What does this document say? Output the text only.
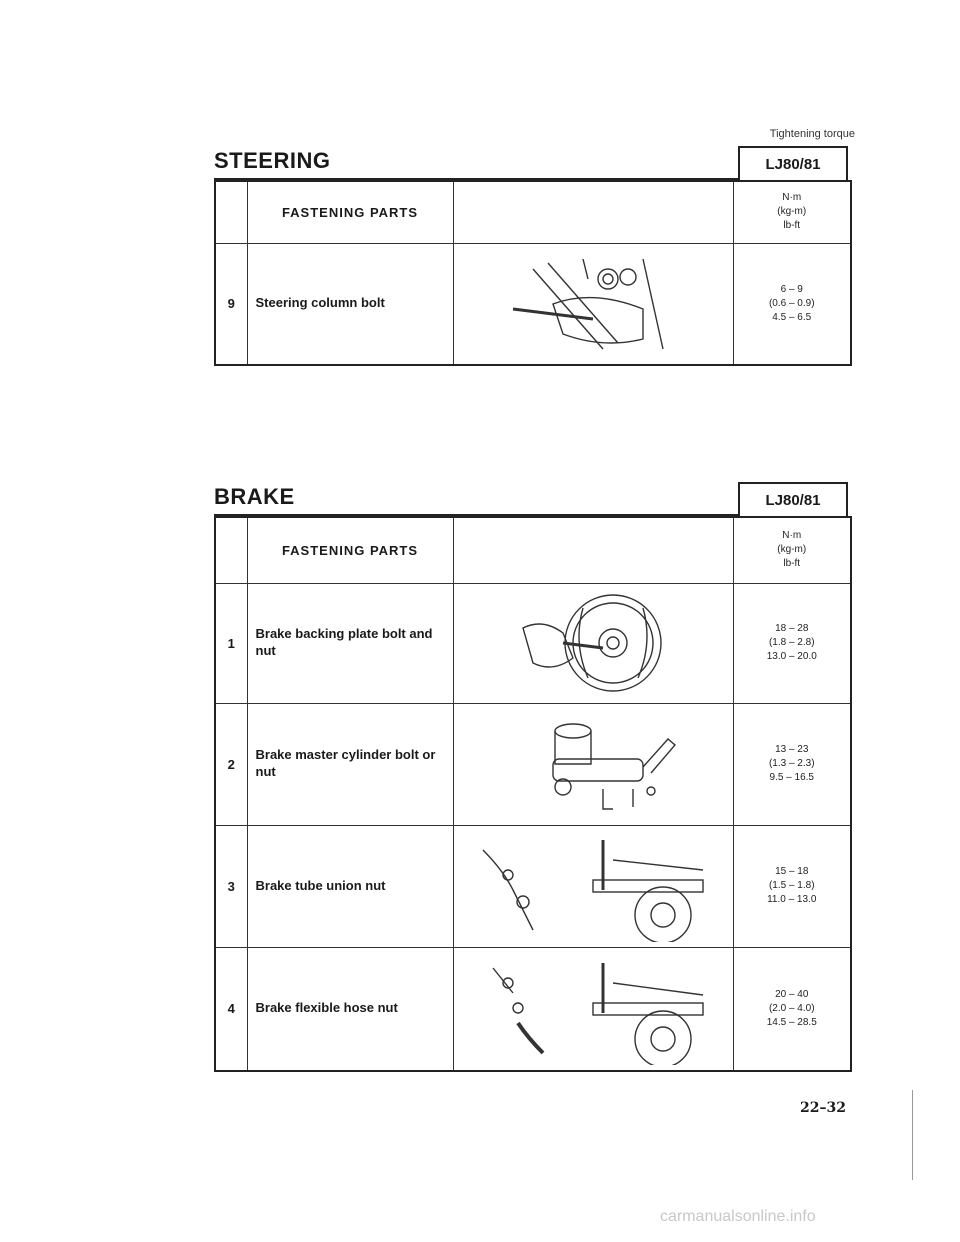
Tightening torque
STEERING	LJ80/81
	FASTENING PARTS		N·m
(kg-m)
lb-ft

9	Steering column bolt		6 – 9
(0.6 – 0.9)
4.5 – 6.5
BRAKE	LJ80/81
	FASTENING PARTS		N·m
(kg-m)
lb-ft

1	Brake backing plate bolt and nut		18 – 28
(1.8 – 2.8)
13.0 – 20.0

2	Brake master cylinder bolt or nut		13 – 23
(1.3 – 2.3)
9.5 – 16.5

3	Brake tube union nut		15 – 18
(1.5 – 1.8)
11.0 – 13.0

4	Brake flexible hose nut		20 – 40
(2.0 – 4.0)
14.5 – 28.5
22–32
carmanualsonline.info
